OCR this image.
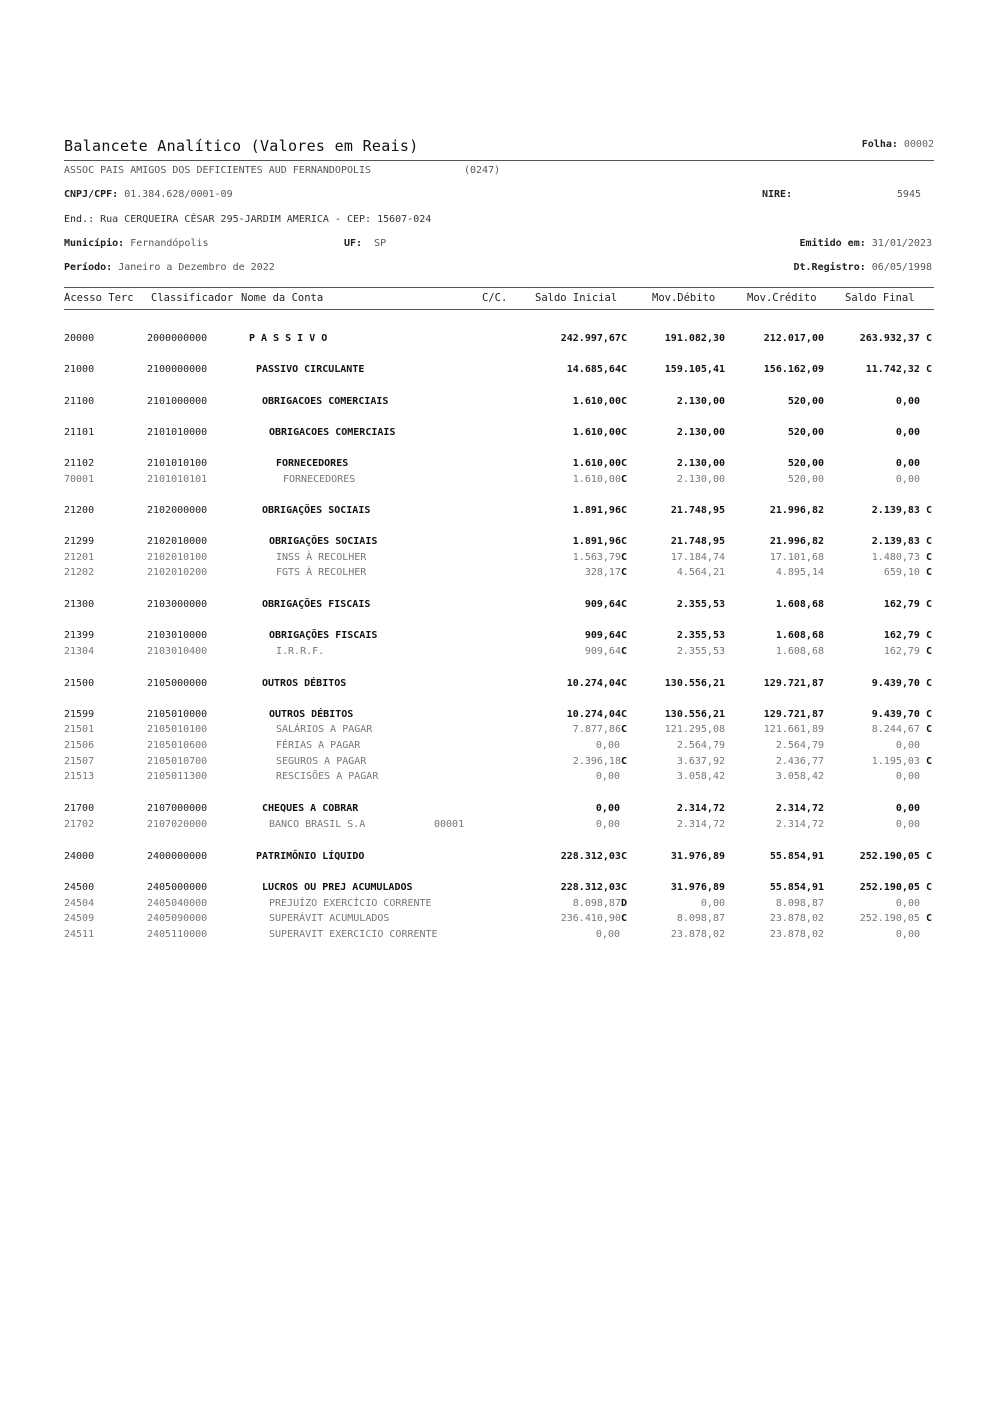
Balancete Analítico (Valores em Reais)	Folha: 00002
ASSOC PAIS AMIGOS DOS DEFICIENTES AUD FERNANDOPOLIS	(0247)
CNPJ/CPF: 01.384.628/0001-09	NIRE:	5945
End.: Rua CERQUEIRA CÉSAR 295-JARDIM AMERICA - CEP: 15607-024
Município: Fernandópolis	UF: SP	Emitido em: 31/01/2023
Período: Janeiro a Dezembro de 2022	Dt.Registro: 06/05/1998
Acesso Terc Classificador Nome da Conta	C/C.	Saldo Inicial	Mov.Débito	Mov.Crédito	Saldo Final
20000	2000000000	P A S S I V O	242.997,67C	191.082,30	212.017,00	263.932,37 C
21000	2100000000	PASSIVO CIRCULANTE	14.685,64C	159.105,41	156.162,09	11.742,32 C
21100	2101000000	OBRIGACOES COMERCIAIS	1.610,00C	2.130,00	520,00	0,00
21101	2101010000	OBRIGACOES COMERCIAIS	1.610,00C	2.130,00	520,00	0,00
21102	2101010100	FORNECEDORES	1.610,00C	2.130,00	520,00	0,00
70001	2101010101	FORNECEDORES	1.610,00C	2.130,00	520,00	0,00
21200	2102000000	OBRIGAÇÕES SOCIAIS	1.891,96C	21.748,95	21.996,82	2.139,83 C
21299	2102010000	OBRIGAÇÕES SOCIAIS	1.891,96C	21.748,95	21.996,82	2.139,83 C
21201	2102010100	INSS À RECOLHER	1.563,79C	17.184,74	17.101,68	1.480,73 C
21202	2102010200	FGTS À RECOLHER	328,17C	4.564,21	4.895,14	659,10 C
21300	2103000000	OBRIGAÇÕES FISCAIS	909,64C	2.355,53	1.608,68	162,79 C
21399	2103010000	OBRIGAÇÕES FISCAIS	909,64C	2.355,53	1.608,68	162,79 C
21304	2103010400	I.R.R.F.	909,64C	2.355,53	1.608,68	162,79 C
21500	2105000000	OUTROS DÉBITOS	10.274,04C	130.556,21	129.721,87	9.439,70 C
21599	2105010000	OUTROS DÉBITOS	10.274,04C	130.556,21	129.721,87	9.439,70 C
21501	2105010100	SALÁRIOS A PAGAR	7.877,86C	121.295,08	121.661,89	8.244,67 C
21506	2105010600	FÉRIAS A PAGAR	0,00	2.564,79	2.564,79	0,00
21507	2105010700	SEGUROS A PAGAR	2.396,18C	3.637,92	2.436,77	1.195,03 C
21513	2105011300	RESCISÕES A PAGAR	0,00	3.058,42	3.058,42	0,00
21700	2107000000	CHEQUES A COBRAR	0,00	2.314,72	2.314,72	0,00
21702	2107020000	BANCO BRASIL S.A	00001	0,00	2.314,72	2.314,72	0,00
24000	2400000000	PATRIMÔNIO LÍQUIDO	228.312,03C	31.976,89	55.854,91	252.190,05 C
24500	2405000000	LUCROS OU PREJ ACUMULADOS	228.312,03C	31.976,89	55.854,91	252.190,05 C
24504	2405040000	PREJUÍZO EXERCÍCIO CORRENTE	8.098,87D	0,00	8.098,87	0,00
24509	2405090000	SUPERÁVIT ACUMULADOS	236.410,90C	8.098,87	23.878,02	252.190,05 C
24511	2405110000	SUPERAVIT EXERCICIO CORRENTE	0,00	23.878,02	23.878,02	0,00
